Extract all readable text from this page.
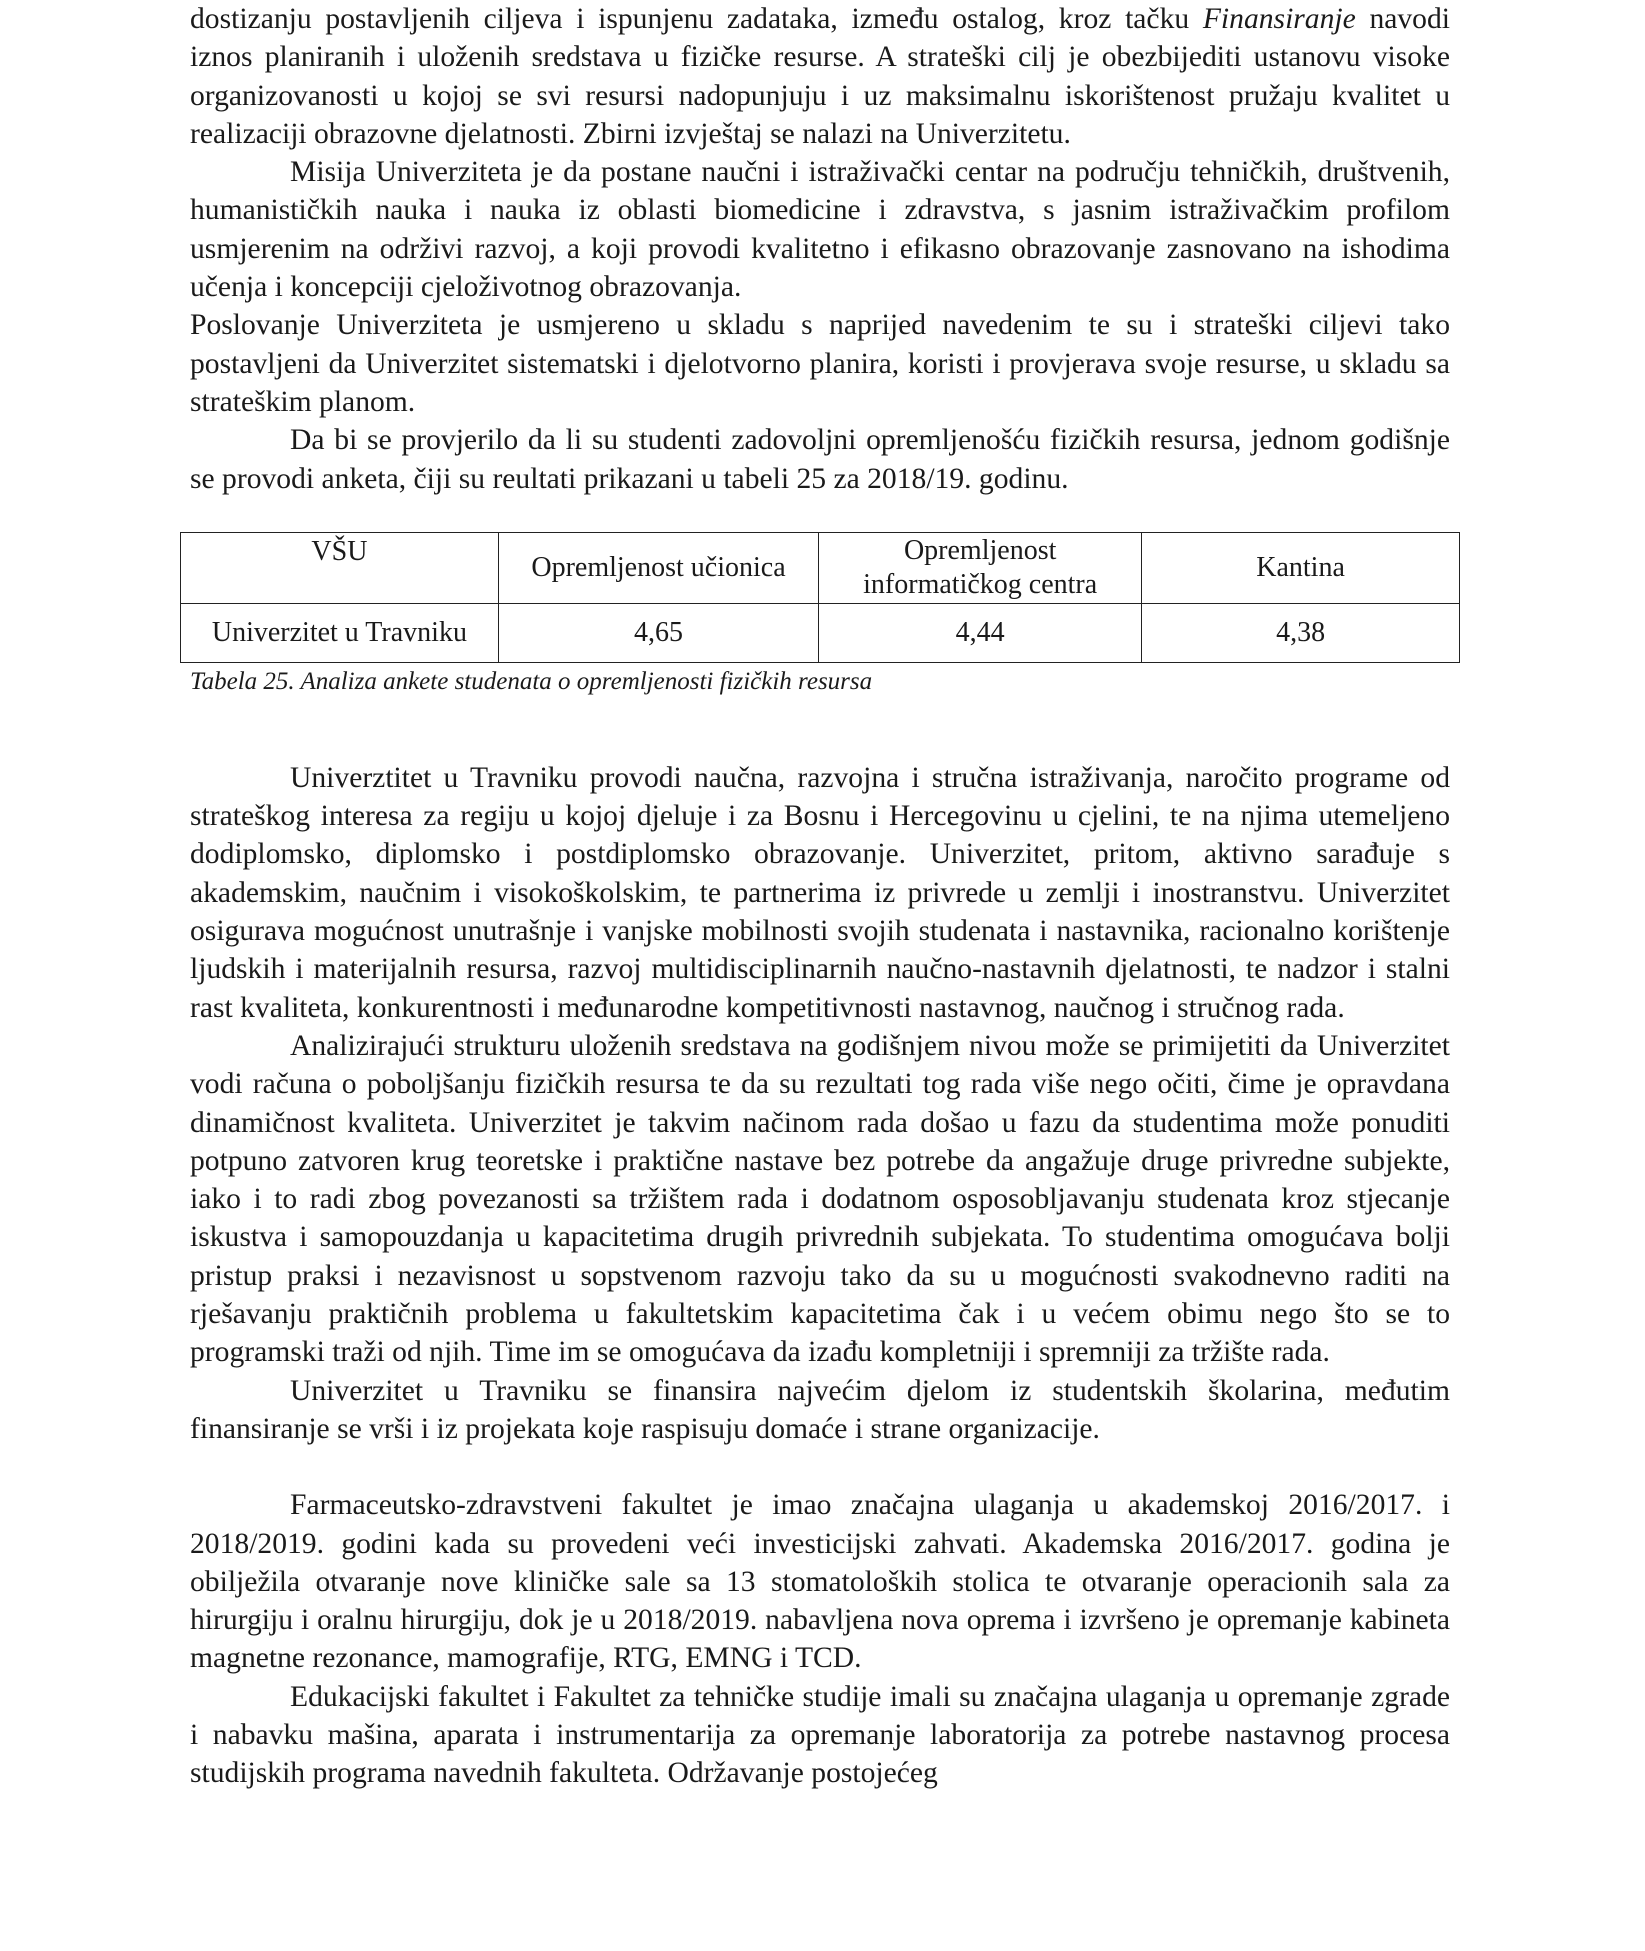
dostizanju postavljenih ciljeva i ispunjenu zadataka, između ostalog, kroz tačku Finansiranje navodi iznos planiranih i uloženih sredstava u fizičke resurse. A strateški cilj je obezbijediti ustanovu visoke organizovanosti u kojoj se svi resursi nadopunjuju i uz maksimalnu iskorištenost pružaju kvalitet u realizaciji obrazovne djelatnosti. Zbirni izvještaj se nalazi na Univerzitetu.

Misija Univerziteta je da postane naučni i istraživački centar na području tehničkih, društvenih, humanističkih nauka i nauka iz oblasti biomedicine i zdravstva, s jasnim istraživačkim profilom usmjerenim na održivi razvoj, a koji provodi kvalitetno i efikasno obrazovanje zasnovano na ishodima učenja i koncepciji cjeloživotnog obrazovanja.

Poslovanje Univerziteta je usmjereno u skladu s naprijed navedenim te su i strateški ciljevi tako postavljeni da Univerzitet sistematski i djelotvorno planira, koristi i provjerava svoje resurse, u skladu sa strateškim planom.

Da bi se provjerilo da li su studenti zadovoljni opremljenošću fizičkih resursa, jednom godišnje se provodi anketa, čiji su reultati prikazani u tabeli 25 za 2018/19. godinu.

VŠU	Opremljenost učionica	Opremljenost informatičkog centra	Kantina
Univerzitet u Travniku	4,65	4,44	4,38
Tabela 25. Analiza ankete studenata o opremljenosti fizičkih resursa

Univerztitet u Travniku provodi naučna, razvojna i stručna istraživanja, naročito programe od strateškog interesa za regiju u kojoj djeluje i za Bosnu i Hercegovinu u cjelini, te na njima utemeljeno dodiplomsko, diplomsko i postdiplomsko obrazovanje. Univerzitet, pritom, aktivno sarađuje s akademskim, naučnim i visokoškolskim, te partnerima iz privrede u zemlji i inostranstvu. Univerzitet osigurava mogućnost unutrašnje i vanjske mobilnosti svojih studenata i nastavnika, racionalno korištenje ljudskih i materijalnih resursa, razvoj multidisciplinarnih naučno-nastavnih djelatnosti, te nadzor i stalni rast kvaliteta, konkurentnosti i međunarodne kompetitivnosti nastavnog, naučnog i stručnog rada.

Analizirajući strukturu uloženih sredstava na godišnjem nivou može se primijetiti da Univerzitet vodi računa o poboljšanju fizičkih resursa te da su rezultati tog rada više nego očiti, čime je opravdana dinamičnost kvaliteta. Univerzitet je takvim načinom rada došao u fazu da studentima može ponuditi potpuno zatvoren krug teoretske i praktične nastave bez potrebe da angažuje druge privredne subjekte, iako i to radi zbog povezanosti sa tržištem rada i dodatnom osposobljavanju studenata kroz stjecanje iskustva i samopouzdanja u kapacitetima drugih privrednih subjekata. To studentima omogućava bolji pristup praksi i nezavisnost u sopstvenom razvoju tako da su u mogućnosti svakodnevno raditi na rješavanju praktičnih problema u fakultetskim kapacitetima čak i u većem obimu nego što se to programski traži od njih. Time im se omogućava da izađu kompletniji i spremniji za tržište rada.

Univerzitet u Travniku se finansira najvećim djelom iz studentskih školarina, međutim finansiranje se vrši i iz projekata koje raspisuju domaće i strane organizacije.

Farmaceutsko-zdravstveni fakultet je imao značajna ulaganja u akademskoj 2016/2017. i 2018/2019. godini kada su provedeni veći investicijski zahvati. Akademska 2016/2017. godina je obilježila otvaranje nove kliničke sale sa 13 stomatoloških stolica te otvaranje operacionih sala za hirurgiju i oralnu hirurgiju, dok je u 2018/2019. nabavljena nova oprema i izvršeno je opremanje kabineta magnetne rezonance, mamografije, RTG, EMNG i TCD.

Edukacijski fakultet i Fakultet za tehničke studije imali su značajna ulaganja u opremanje zgrade i nabavku mašina, aparata i instrumentarija za opremanje laboratorija za potrebe nastavnog procesa studijskih programa navednih fakulteta. Održavanje postojećeg
